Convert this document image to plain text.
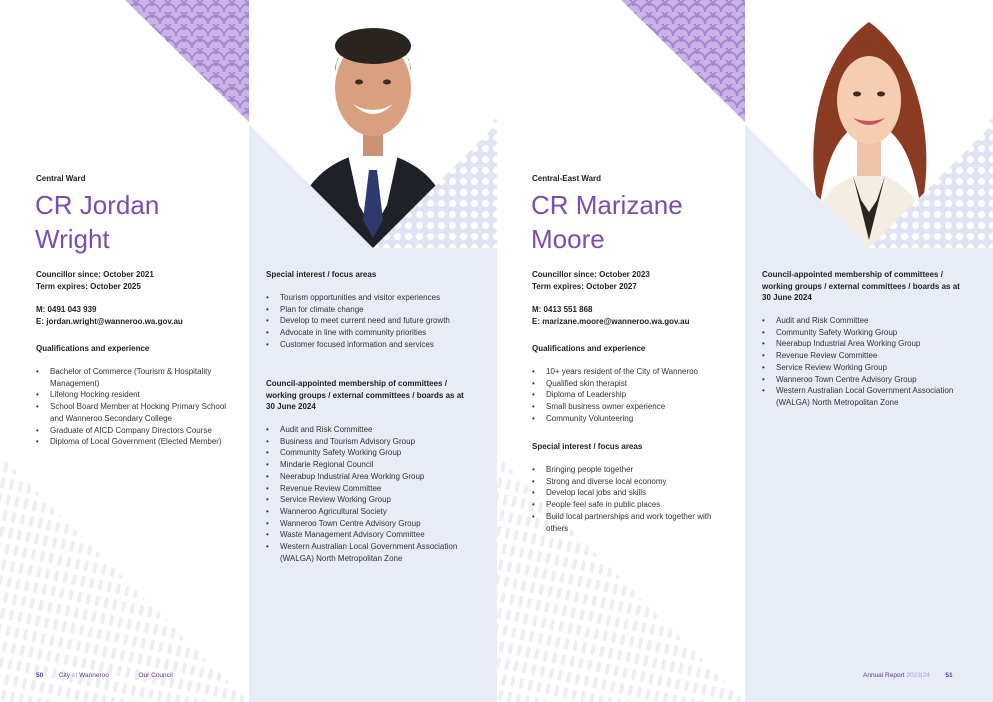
Central Ward
CR Jordan
Wright
Councillor since: October 2021
Term expires: October 2025
M: 0491 043 939
E: jordan.wright@wanneroo.wa.gov.au
Qualifications and experience
• Bachelor of Commerce (Tourism & Hospitality Management)
• Lifelong Hocking resident
• School Board Member at Hocking Primary School and Wanneroo Secondary College
• Graduate of AICD Company Directors Course
• Diploma of Local Government (Elected Member)
50 City of Wanneroo	Our Council
Special interest / focus areas
• Tourism opportunities and visitor experiences
• Plan for climate change
• Develop to meet current need and future growth
• Advocate in line with community priorities
• Customer focused information and services
Council-appointed membership of committees / working groups / external committees / boards as at 30 June 2024
• Audit and Risk Committee
• Business and Tourism Advisory Group
• Community Safety Working Group
• Mindarie Regional Council
• Neerabup Industrial Area Working Group
• Revenue Review Committee
• Service Review Working Group
• Wanneroo Agricultural Society
• Wanneroo Town Centre Advisory Group
• Waste Management Advisory Committee
• Western Australian Local Government Association (WALGA) North Metropolitan Zone
Central-East Ward
CR Marizane
Moore
Councillor since: October 2023
Term expires: October 2027
M: 0413 551 868
E: marizane.moore@wanneroo.wa.gov.au
Qualifications and experience
• 10+ years resident of the City of Wanneroo
• Qualified skin therapist
• Diploma of Leadership
• Small business owner experience
• Community Volunteering
Special interest / focus areas
• Bringing people together
• Strong and diverse local economy
• Develop local jobs and skills
• People feel safe in public places
• Build local partnerships and work together with others
Council-appointed membership of committees / working groups / external committees / boards as at 30 June 2024
• Audit and Risk Committee
• Community Safety Working Group
• Neerabup Industrial Area Working Group
• Revenue Review Committee
• Service Review Working Group
• Wanneroo Town Centre Advisory Group
• Western Australian Local Government Association (WALGA) North Metropolitan Zone
Annual Report 2023|24 51
